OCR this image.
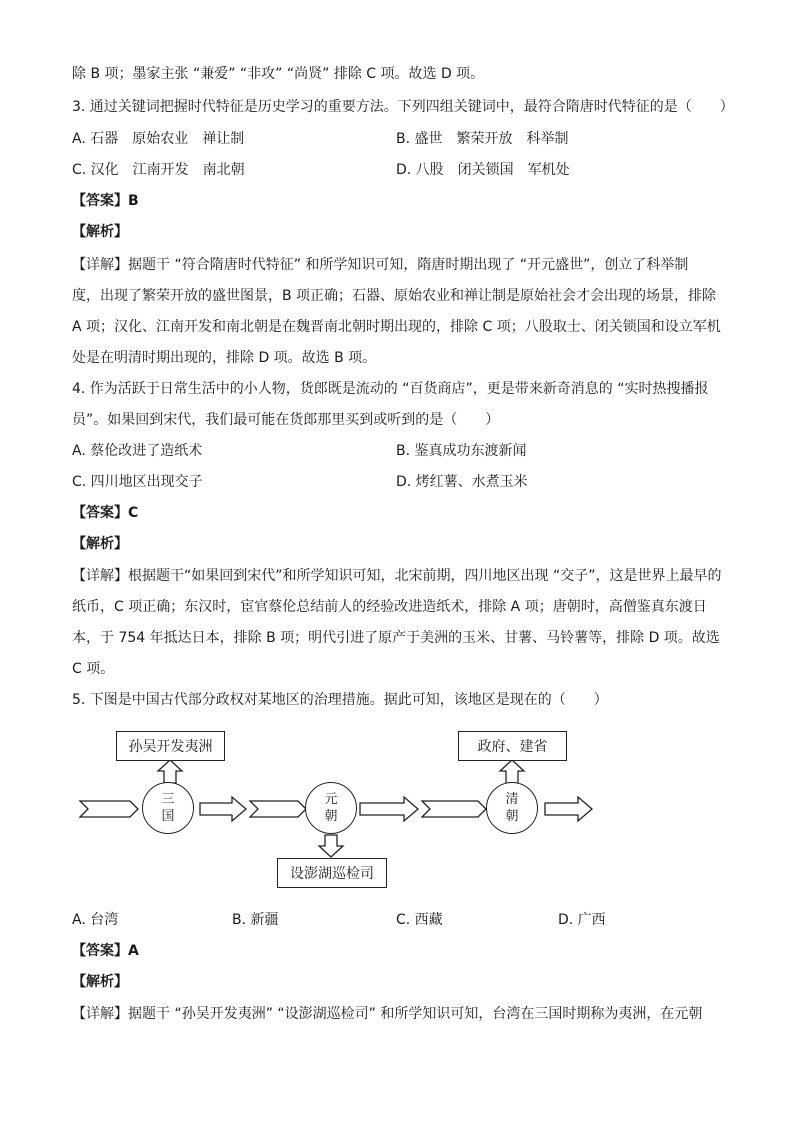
除 B 项；墨家主张 “兼爱” “非攻” “尚贤” 排除 C 项。故选 D 项。
3. 通过关键词把握时代特征是历史学习的重要方法。下列四组关键词中，最符合隋唐时代特征的是（　　）
A. 石器　原始农业　禅让制	B. 盛世　繁荣开放　科举制
C. 汉化　江南开发　南北朝	D. 八股　闭关锁国　军机处
【答案】B
【解析】
【详解】据题干 “符合隋唐时代特征” 和所学知识可知，隋唐时期出现了 “开元盛世”，创立了科举制
度，出现了繁荣开放的盛世图景，B 项正确；石器、原始农业和禅让制是原始社会才会出现的场景，排除
A 项；汉化、江南开发和南北朝是在魏晋南北朝时期出现的，排除 C 项；八股取士、闭关锁国和设立军机
处是在明清时期出现的，排除 D 项。故选 B 项。
4. 作为活跃于日常生活中的小人物，货郎既是流动的 “百货商店”，更是带来新奇消息的 “实时热搜播报
员”。如果回到宋代，我们最可能在货郎那里买到或听到的是（　　）
A. 蔡伦改进了造纸术	B. 鉴真成功东渡新闻
C. 四川地区出现交子	D. 烤红薯、水煮玉米
【答案】C
【解析】
【详解】根据题干“如果回到宋代”和所学知识可知，北宋前期，四川地区出现 “交子”，这是世界上最早的
纸币，C 项正确；东汉时，宦官蔡伦总结前人的经验改进造纸术，排除 A 项；唐朝时，高僧鉴真东渡日
本，于 754 年抵达日本，排除 B 项；明代引进了原产于美洲的玉米、甘薯、马铃薯等，排除 D 项。故选
C 项。
5. 下图是中国古代部分政权对某地区的治理措施。据此可知，该地区是现在的（　　）
孙吴开发夷洲
设澎湖巡检司
政府、建省
三国
元朝
清朝
A. 台湾	B. 新疆	C. 西藏	D. 广西
【答案】A
【解析】
【详解】据题干 “孙吴开发夷洲” “设澎湖巡检司” 和所学知识可知，台湾在三国时期称为夷洲，在元朝
